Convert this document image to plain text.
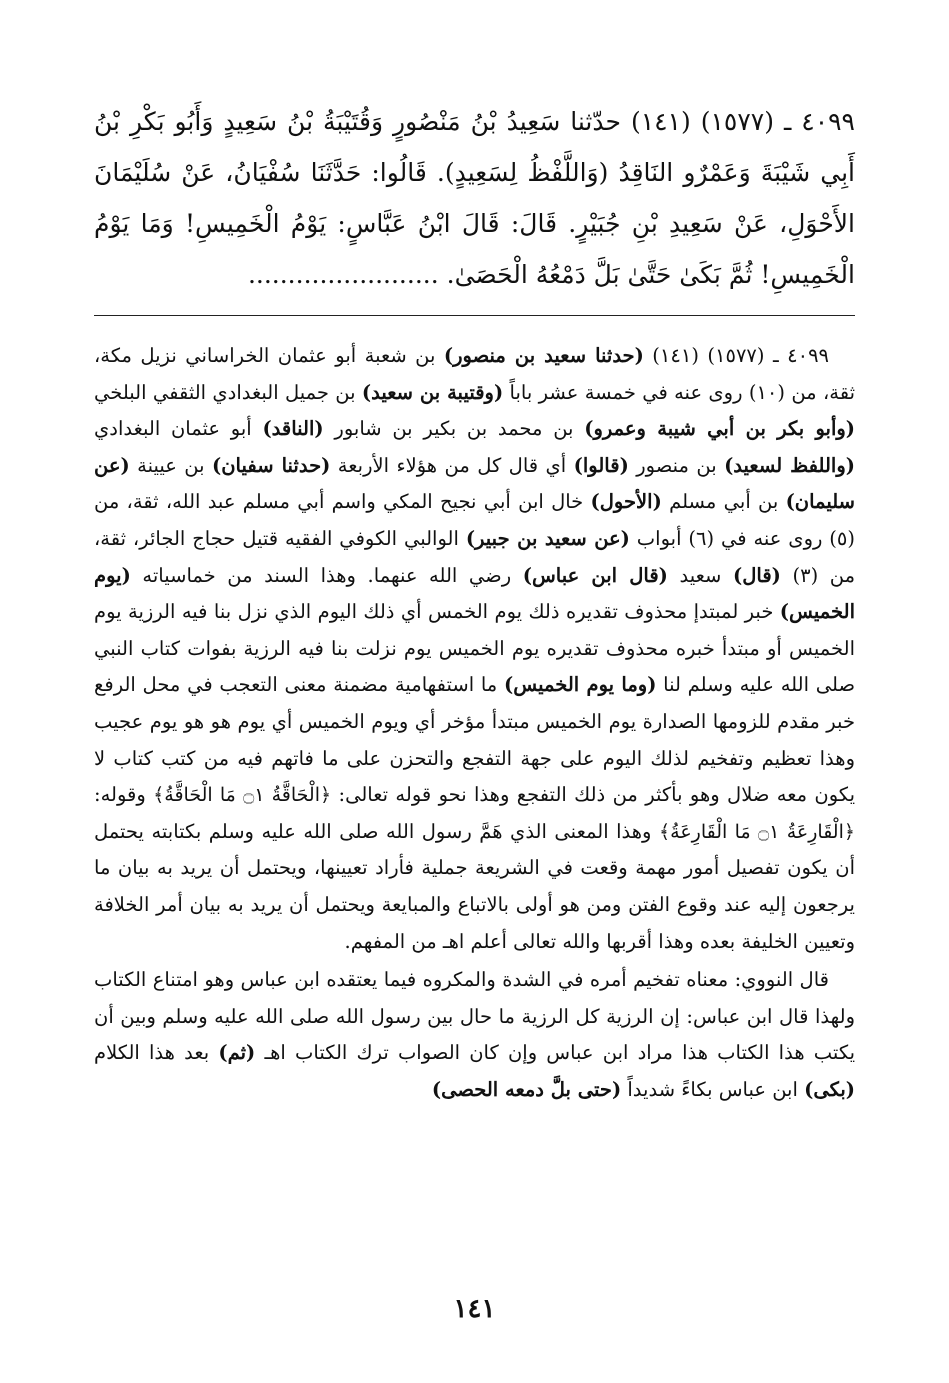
٤٠٩٩ ـ (١٥٧٧) (١٤١) حدّثنا سَعِيدُ بْنُ مَنْصُورٍ وَقُتَيْبَةُ بْنُ سَعِيدٍ وَأَبُو بَكْرِ بْنُ أَبِي شَيْبَةَ وَعَمْرٌو النَاقِدُ (وَاللَّفْظُ لِسَعِيدٍ). قَالُوا: حَدَّثَنَا سُفْيَانُ، عَنْ سُلَيْمَانَ الأَحْوَلِ، عَنْ سَعِيدِ بْنِ جُبَيْرٍ. قَالَ: قَالَ ابْنُ عَبَّاسٍ: يَوْمُ الْخَمِيسِ! وَمَا يَوْمُ الْخَمِيسِ! ثُمَّ بَكَىٰ حَتَّىٰ بَلَّ دَمْعُهُ الْحَصَىٰ. ........................

٤٠٩٩ ـ (١٥٧٧) (١٤١) (حدثنا سعيد بن منصور) بن شعبة أبو عثمان الخراساني نزيل مكة، ثقة، من (١٠) روى عنه في خمسة عشر باباً (وقتيبة بن سعيد) بن جميل البغدادي الثقفي البلخي (وأبو بكر بن أبي شيبة وعمرو) بن محمد بن بكير بن شابور (الناقد) أبو عثمان البغدادي (واللفظ لسعيد) بن منصور (قالوا) أي قال كل من هؤلاء الأربعة (حدثنا سفيان) بن عيينة (عن سليمان) بن أبي مسلم (الأحول) خال ابن أبي نجيح المكي واسم أبي مسلم عبد الله، ثقة، من (٥) روى عنه في (٦) أبواب (عن سعيد بن جبير) الوالبي الكوفي الفقيه قتيل حجاج الجائر، ثقة، من (٣) (قال) سعيد (قال ابن عباس) رضي الله عنهما. وهذا السند من خماسياته (يوم الخميس) خبر لمبتدإ محذوف تقديره ذلك يوم الخمس أي ذلك اليوم الذي نزل بنا فيه الرزية يوم الخميس أو مبتدأ خبره محذوف تقديره يوم الخميس يوم نزلت بنا فيه الرزية بفوات كتاب النبي صلى الله عليه وسلم لنا (وما يوم الخميس) ما استفهامية مضمنة معنى التعجب في محل الرفع خبر مقدم للزومها الصدارة يوم الخميس مبتدأ مؤخر أي ويوم الخميس أي يوم هو هو يوم عجيب وهذا تعظيم وتفخيم لذلك اليوم على جهة التفجع والتحزن على ما فاتهم فيه من كتب كتاب لا يكون معه ضلال وهو بأكثر من ذلك التفجع وهذا نحو قوله تعالى: ﴿الْحَاقَّةُ ۝١ مَا الْحَاقَّةُ﴾ وقوله: ﴿الْقَارِعَةُ ۝١ مَا الْقَارِعَةُ﴾ وهذا المعنى الذي هَمَّ رسول الله صلى الله عليه وسلم بكتابته يحتمل أن يكون تفصيل أمور مهمة وقعت في الشريعة جملية فأراد تعيينها، ويحتمل أن يريد به بيان ما يرجعون إليه عند وقوع الفتن ومن هو أولى بالاتباع والمبايعة ويحتمل أن يريد به بيان أمر الخلافة وتعيين الخليفة بعده وهذا أقربها والله تعالى أعلم اهـ من المفهم.

قال النووي: معناه تفخيم أمره في الشدة والمكروه فيما يعتقده ابن عباس وهو امتناع الكتاب ولهذا قال ابن عباس: إن الرزية كل الرزية ما حال بين رسول الله صلى الله عليه وسلم وبين أن يكتب هذا الكتاب هذا مراد ابن عباس وإن كان الصواب ترك الكتاب اهـ (ثم) بعد هذا الكلام (بكى) ابن عباس بكاءً شديداً (حتى بلَّ دمعه الحصى)

١٤١
